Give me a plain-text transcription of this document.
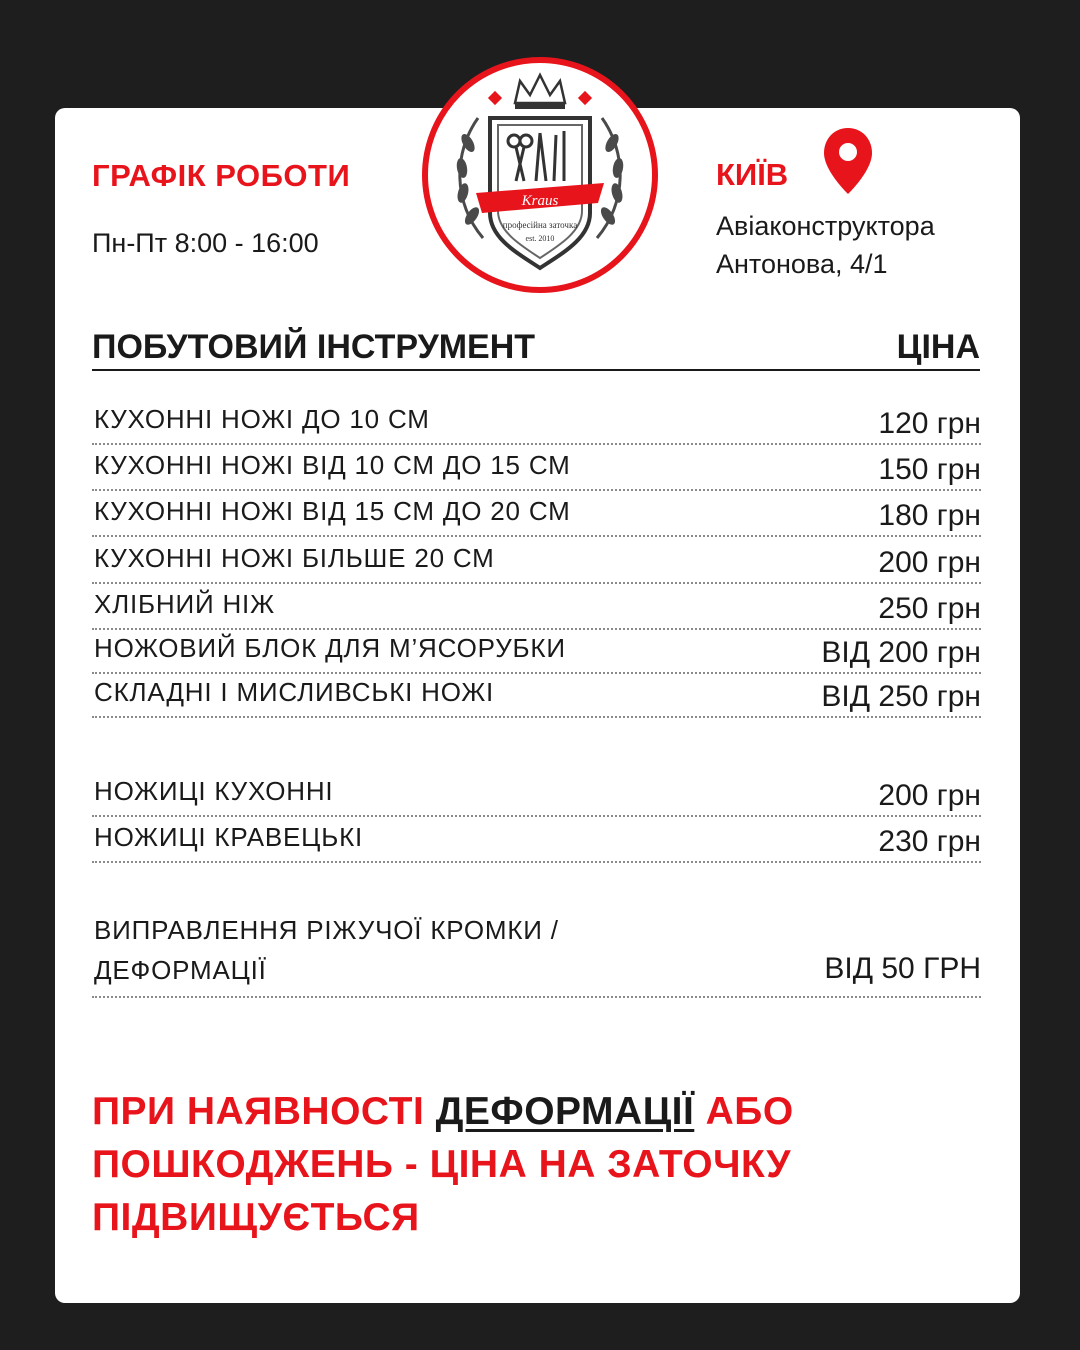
Kraus
професійна заточка
est. 2010
ГРАФІК РОБОТИ
Пн-Пт 8:00 - 16:00
КИЇВ
Авіаконструктора
Антонова, 4/1
ПОБУТОВИЙ ІНСТРУМЕНТ	ЦІНА
КУХОННІ НОЖІ ДО 10 СМ	120 грн
КУХОННІ НОЖІ ВІД 10 СМ ДО 15 СМ	150 грн
КУХОННІ НОЖІ ВІД 15 СМ ДО 20 СМ	180 грн
КУХОННІ НОЖІ БІЛЬШЕ 20 СМ	200 грн
ХЛІБНИЙ НІЖ	250 грн
НОЖОВИЙ БЛОК ДЛЯ М’ЯСОРУБКИ	ВІД 200 грн
СКЛАДНІ І МИСЛИВСЬКІ НОЖІ	ВІД 250 грн
НОЖИЦІ КУХОННІ	200 грн
НОЖИЦІ КРАВЕЦЬКІ	230 грн
ВИПРАВЛЕННЯ РІЖУЧОЇ КРОМКИ /
ДЕФОРМАЦІЇ	ВІД 50 ГРН
ПРИ НАЯВНОСТІ ДЕФОРМАЦІЇ АБО ПОШКОДЖЕНЬ - ЦІНА НА ЗАТОЧКУ ПІДВИЩУЄТЬСЯ
